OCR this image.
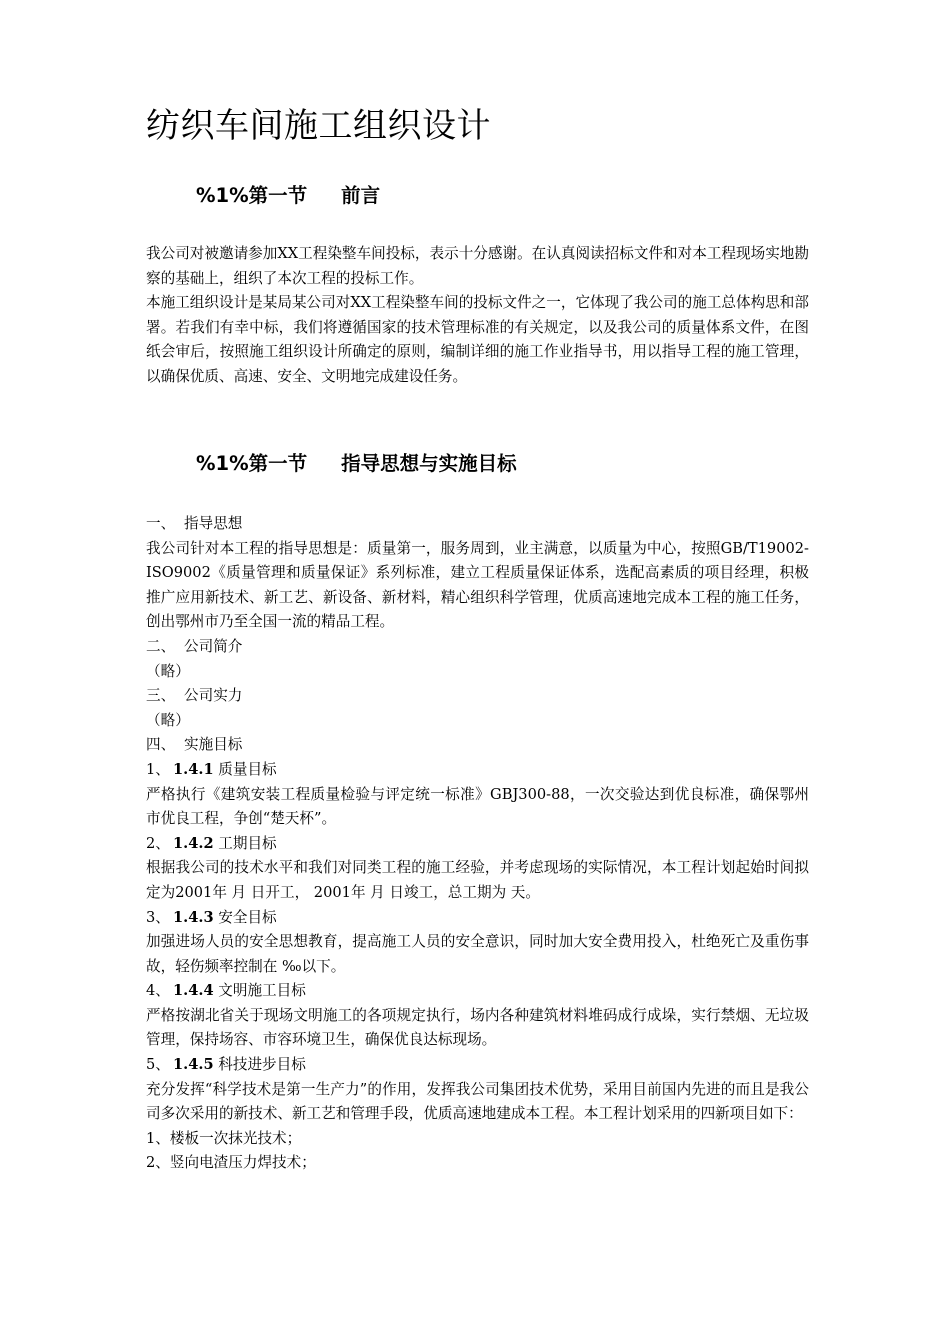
纺织车间施工组织设计
%1%第一节 前言

我公司对被邀请参加XX工程染整车间投标，表示十分感谢。在认真阅读招标文件和对本工程现场实地勘察的基础上，组织了本次工程的投标工作。

本施工组织设计是某局某公司对XX工程染整车间的投标文件之一，它体现了我公司的施工总体构思和部署。若我们有幸中标，我们将遵循国家的技术管理标准的有关规定，以及我公司的质量体系文件，在图纸会审后，按照施工组织设计所确定的原则，编制详细的施工作业指导书，用以指导工程的施工管理，以确保优质、高速、安全、文明地完成建设任务。

%1%第一节 指导思想与实施目标
一、 指导思想

我公司针对本工程的指导思想是：质量第一，服务周到，业主满意，以质量为中心，按照GB/T19002-ISO9002《质量管理和质量保证》系列标准，建立工程质量保证体系，选配高素质的项目经理，积极推广应用新技术、新工艺、新设备、新材料，精心组织科学管理，优质高速地完成本工程的施工任务，创出鄂州市乃至全国一流的精品工程。

二、 公司简介
（略）
三、 公司实力
（略）
四、 实施目标
1、 1.4.1 质量目标

严格执行《建筑安装工程质量检验与评定统一标准》GBJ300-88，一次交验达到优良标准，确保鄂州市优良工程，争创“楚天杯”。

2、 1.4.2 工期目标

根据我公司的技术水平和我们对同类工程的施工经验，并考虑现场的实际情况，本工程计划起始时间拟定为2001年 月 日开工， 2001年 月 日竣工，总工期为 天。

3、 1.4.3 安全目标

加强进场人员的安全思想教育，提高施工人员的安全意识，同时加大安全费用投入，杜绝死亡及重伤事故，轻伤频率控制在 ‰以下。

4、 1.4.4 文明施工目标

严格按湖北省关于现场文明施工的各项规定执行，场内各种建筑材料堆码成行成垛，实行禁烟、无垃圾管理，保持场容、市容环境卫生，确保优良达标现场。

5、 1.4.5 科技进步目标

充分发挥“科学技术是第一生产力”的作用，发挥我公司集团技术优势，采用目前国内先进的而且是我公司多次采用的新技术、新工艺和管理手段，优质高速地建成本工程。本工程计划采用的四新项目如下：

1、楼板一次抹光技术；
2、竖向电渣压力焊技术；
